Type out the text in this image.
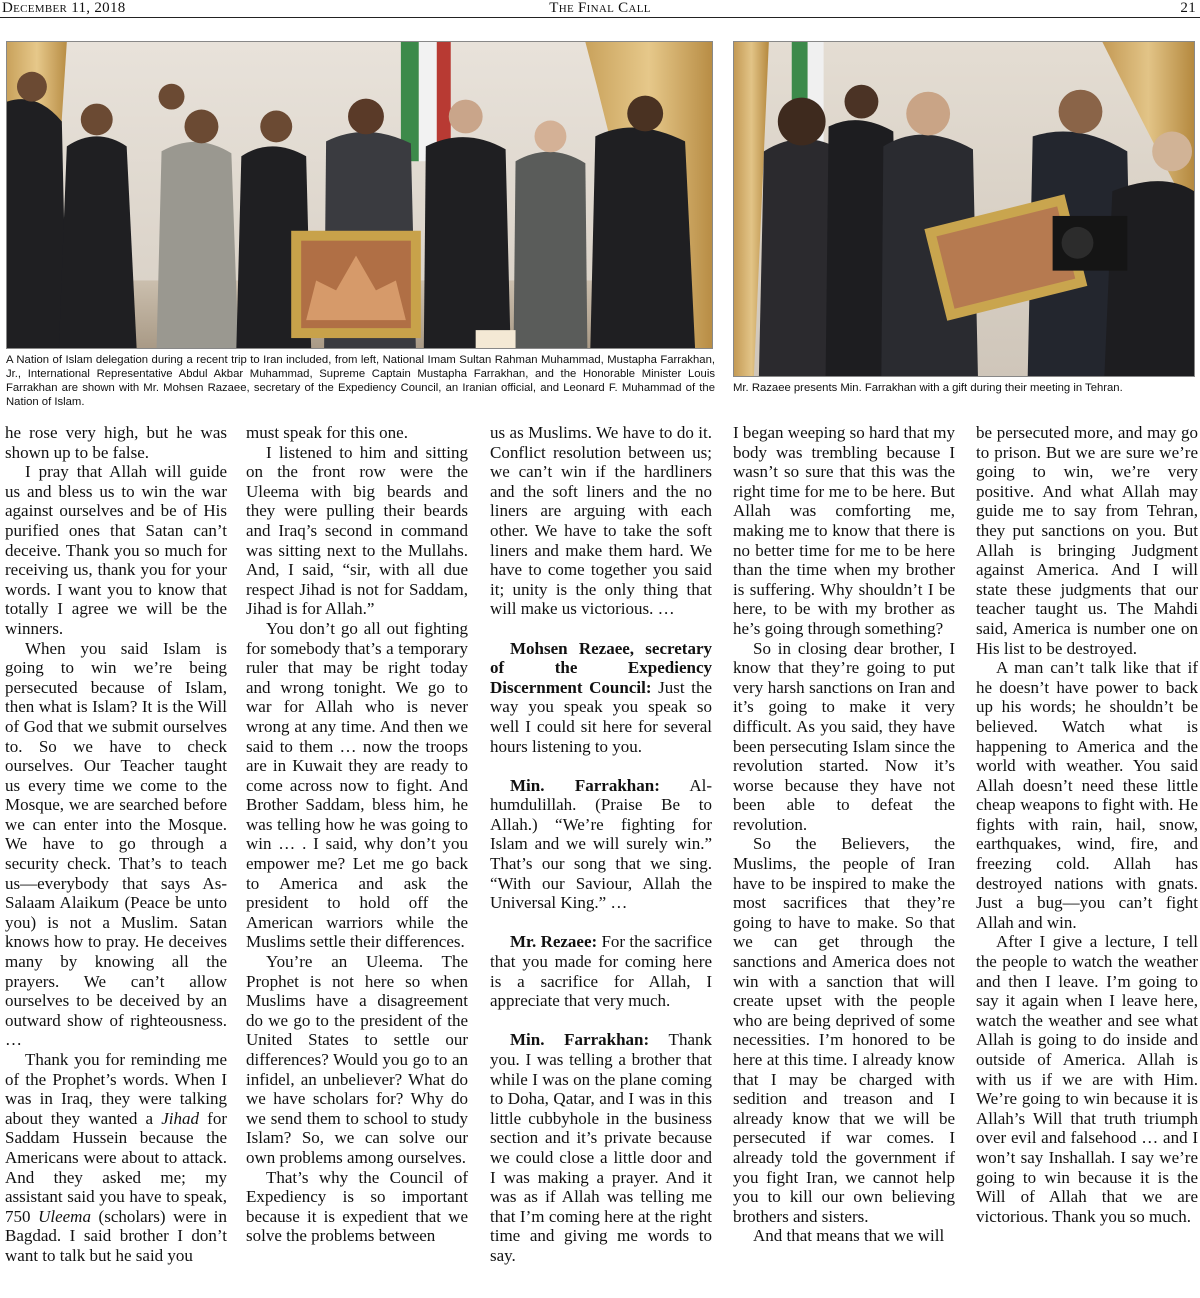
December 11, 2018	The Final Call	21
A Nation of Islam delegation during a recent trip to Iran included, from left, National Imam Sultan Rahman Muhammad, Mustapha Farrakhan, Jr., International Representative Abdul Akbar Muhammad, Supreme Captain Mustapha Farrakhan, and the Honorable Minister Louis Farrakhan are shown with Mr. Mohsen Razaee, secretary of the Expediency Council, an Iranian official, and Leonard F. Muhammad of the Nation of Islam.
Mr. Razaee presents Min. Farrakhan with a gift during their meeting in Tehran.

he rose very high, but he was shown up to be false.

I pray that Allah will guide us and bless us to win the war against ourselves and be of His purified ones that Satan can’t deceive. Thank you so much for receiving us, thank you for your words. I want you to know that totally I agree we will be the winners.

When you said Islam is going to win we’re being persecuted because of Islam, then what is Islam? It is the Will of God that we submit ourselves to. So we have to check ourselves. Our Teacher taught us every time we come to the Mosque, we are searched before we can enter into the Mosque. We have to go through a security check. That’s to teach us—everybody that says As-Salaam Alaikum (Peace be unto you) is not a Muslim. Satan knows how to pray. He deceives many by knowing all the prayers. We can’t allow ourselves to be deceived by an outward show of righteousness. …

Thank you for reminding me of the Prophet’s words. When I was in Iraq, they were talking about they wanted a Jihad for Saddam Hussein because the Americans were about to attack. And they asked me; my assistant said you have to speak, 750 Uleema (scholars) were in Bagdad. I said brother I don’t want to talk but he said you

must speak for this one.

I listened to him and sitting on the front row were the Uleema with big beards and they were pulling their beards and Iraq’s second in command was sitting next to the Mullahs. And, I said, “sir, with all due respect Jihad is not for Saddam, Jihad is for Allah.”

You don’t go all out fighting for somebody that’s a temporary ruler that may be right today and wrong tonight. We go to war for Allah who is never wrong at any time. And then we said to them … now the troops are in Kuwait they are ready to come across now to fight. And Brother Saddam, bless him, he was telling how he was going to win … . I said, why don’t you empower me? Let me go back to America and ask the president to hold off the American warriors while the Muslims settle their differences.

You’re an Uleema. The Prophet is not here so when Muslims have a disagreement do we go to the president of the United States to settle our differences? Would you go to an infidel, an unbeliever? What do we have scholars for? Why do we send them to school to study Islam? So, we can solve our own problems among ourselves.

That’s why the Council of Expediency is so important because it is expedient that we solve the problems between

us as Muslims. We have to do it. Conflict resolution between us; we can’t win if the hardliners and the soft liners and the no liners are arguing with each other. We have to take the soft liners and make them hard. We have to come together you said it; unity is the only thing that will make us victorious. …

Mohsen Rezaee, secretary of the Expediency Discernment Council: Just the way you speak you speak so well I could sit here for several hours listening to you.

Min. Farrakhan: Al-humdulillah. (Praise Be to Allah.) “We’re fighting for Islam and we will surely win.” That’s our song that we sing. “With our Saviour, Allah the Universal King.” …

Mr. Rezaee: For the sacrifice that you made for coming here is a sacrifice for Allah, I appreciate that very much.

Min. Farrakhan: Thank you. I was telling a brother that while I was on the plane coming to Doha, Qatar, and I was in this little cubbyhole in the business section and it’s private because we could close a little door and I was making a prayer. And it was as if Allah was telling me that I’m coming here at the right time and giving me words to say.

I began weeping so hard that my body was trembling because I wasn’t so sure that this was the right time for me to be here. But Allah was comforting me, making me to know that there is no better time for me to be here than the time when my brother is suffering. Why shouldn’t I be here, to be with my brother as he’s going through something?

So in closing dear brother, I know that they’re going to put very harsh sanctions on Iran and it’s going to make it very difficult. As you said, they have been persecuting Islam since the revolution started. Now it’s worse because they have not been able to defeat the revolution.

So the Believers, the Muslims, the people of Iran have to be inspired to make the most sacrifices that they’re going to have to make. So that we can get through the sanctions and America does not win with a sanction that will create upset with the people who are being deprived of some necessities. I’m honored to be here at this time. I already know that I may be charged with sedition and treason and I already know that we will be persecuted if war comes. I already told the government if you fight Iran, we cannot help you to kill our own believing brothers and sisters.

And that means that we will

be persecuted more, and may go to prison. But we are sure we’re going to win, we’re very positive. And what Allah may guide me to say from Tehran, they put sanctions on you. But Allah is bringing Judgment against America. And I will state these judgments that our teacher taught us. The Mahdi said, America is number one on His list to be destroyed.

A man can’t talk like that if he doesn’t have power to back up his words; he shouldn’t be believed. Watch what is happening to America and the world with weather. You said Allah doesn’t need these little cheap weapons to fight with. He fights with rain, hail, snow, earthquakes, wind, fire, and freezing cold. Allah has destroyed nations with gnats. Just a bug—you can’t fight Allah and win.

After I give a lecture, I tell the people to watch the weather and then I leave. I’m going to say it again when I leave here, watch the weather and see what Allah is going to do inside and outside of America. Allah is with us if we are with Him. We’re going to win because it is Allah’s Will that truth triumph over evil and falsehood … and I won’t say Inshallah. I say we’re going to win because it is the Will of Allah that we are victorious. Thank you so much.
